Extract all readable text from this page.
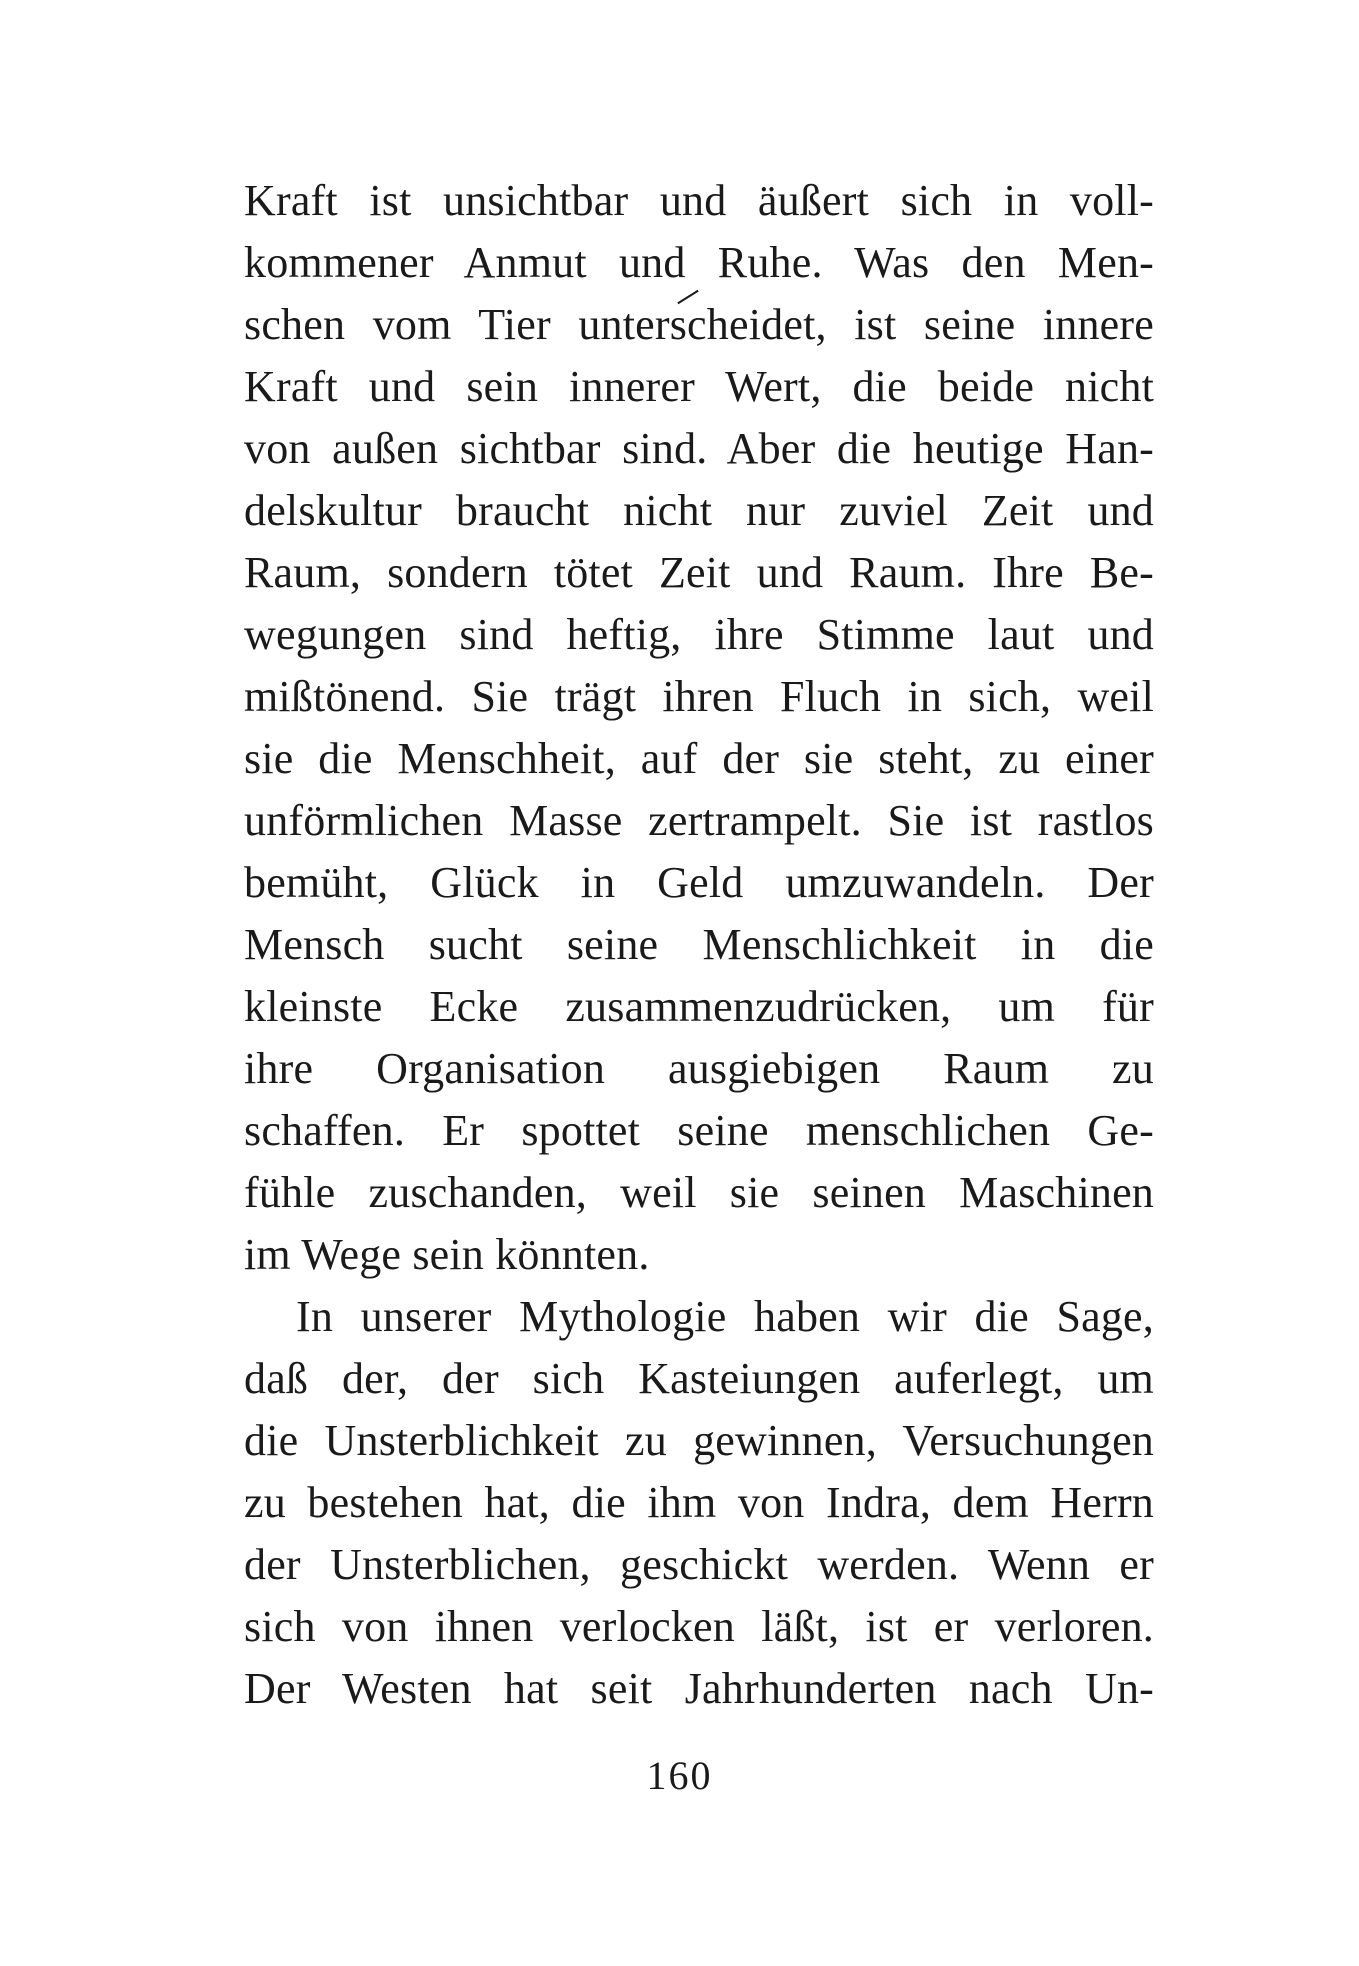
Kraft ist unsichtbar und äußert sich in voll-
kommener Anmut und Ruhe. Was den Men-
schen vom Tier unterscheidet, ist seine innere
Kraft und sein innerer Wert, die beide nicht
von außen sichtbar sind. Aber die heutige Han-
delskultur braucht nicht nur zuviel Zeit und
Raum, sondern tötet Zeit und Raum. Ihre Be-
wegungen sind heftig, ihre Stimme laut und
mißtönend. Sie trägt ihren Fluch in sich, weil
sie die Menschheit, auf der sie steht, zu einer
unförmlichen Masse zertrampelt. Sie ist rastlos
bemüht, Glück in Geld umzuwandeln. Der
Mensch sucht seine Menschlichkeit in die
kleinste Ecke zusammenzudrücken, um für
ihre Organisation ausgiebigen Raum zu
schaffen. Er spottet seine menschlichen Ge-
fühle zuschanden, weil sie seinen Maschinen
im Wege sein könnten.
In unserer Mythologie haben wir die Sage,
daß der, der sich Kasteiungen auferlegt, um
die Unsterblichkeit zu gewinnen, Versuchungen
zu bestehen hat, die ihm von Indra, dem Herrn
der Unsterblichen, geschickt werden. Wenn er
sich von ihnen verlocken läßt, ist er verloren.
Der Westen hat seit Jahrhunderten nach Un-
160
